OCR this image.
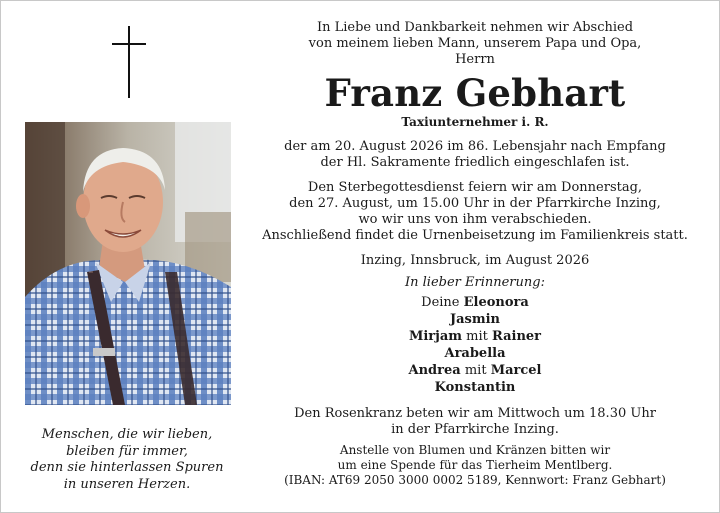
Menschen, die wir lieben,
bleiben für immer,
denn sie hinterlassen Spuren
in unseren Herzen.
In Liebe und Dankbarkeit nehmen wir Abschied
von meinem lieben Mann, unserem Papa und Opa,
Herrn
Franz Gebhart
Taxiunternehmer i. R.
der am 20. August 2026 im 86. Lebensjahr nach Empfang
der Hl. Sakramente friedlich eingeschlafen ist.
Den Sterbegottesdienst feiern wir am Donnerstag,
den 27. August, um 15.00 Uhr in der Pfarrkirche Inzing,
wo wir uns von ihm verabschieden.
Anschließend findet die Urnenbeisetzung im Familienkreis statt.
Inzing, Innsbruck, im August 2026
In lieber Erinnerung:
Deine Eleonora
Jasmin
Mirjam mit Rainer
Arabella
Andrea mit Marcel
Konstantin
Den Rosenkranz beten wir am Mittwoch um 18.30 Uhr
in der Pfarrkirche Inzing.
Anstelle von Blumen und Kränzen bitten wir
um eine Spende für das Tierheim Mentlberg.
(IBAN: AT69 2050 3000 0002 5189, Kennwort: Franz Gebhart)
